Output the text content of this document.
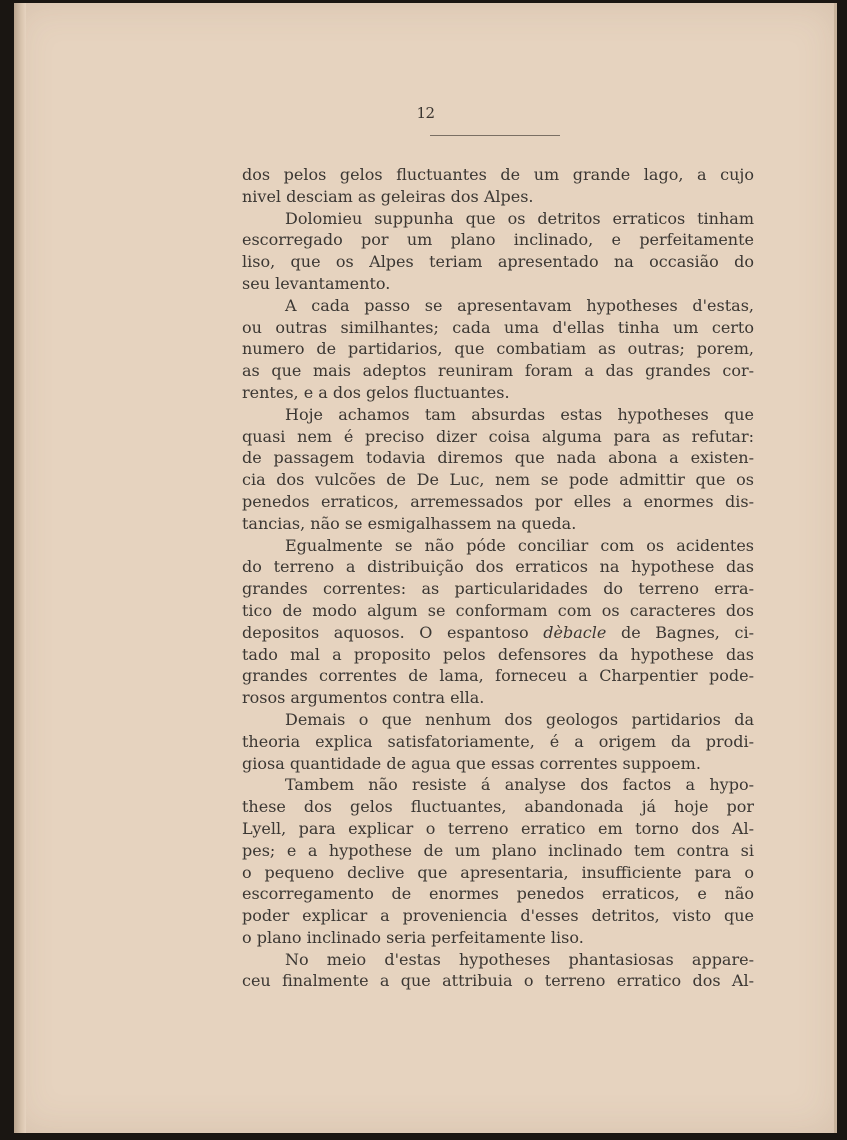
12
dos pelos gelos fluctuantes de um grande lago, a cujo
nivel desciam as geleiras dos Alpes.
Dolomieu suppunha que os detritos erraticos tinham
escorregado por um plano inclinado, e perfeitamente
liso, que os Alpes teriam apresentado na occasião do
seu levantamento.
A cada passo se apresentavam hypotheses d'estas,
ou outras similhantes; cada uma d'ellas tinha um certo
numero de partidarios, que combatiam as outras; porem,
as que mais adeptos reuniram foram a das grandes cor-
rentes, e a dos gelos fluctuantes.
Hoje achamos tam absurdas estas hypotheses que
quasi nem é preciso dizer coisa alguma para as refutar:
de passagem todavia diremos que nada abona a existen-
cia dos vulcões de De Luc, nem se pode admittir que os
penedos erraticos, arremessados por elles a enormes dis-
tancias, não se esmigalhassem na queda.
Egualmente se não póde conciliar com os acidentes
do terreno a distribuição dos erraticos na hypothese das
grandes correntes: as particularidades do terreno erra-
tico de modo algum se conformam com os caracteres dos
depositos aquosos. O espantoso dèbacle de Bagnes, ci-
tado mal a proposito pelos defensores da hypothese das
grandes correntes de lama, forneceu a Charpentier pode-
rosos argumentos contra ella.
Demais o que nenhum dos geologos partidarios da
theoria explica satisfatoriamente, é a origem da prodi-
giosa quantidade de agua que essas correntes suppoem.
Tambem não resiste á analyse dos factos a hypo-
these dos gelos fluctuantes, abandonada já hoje por
Lyell, para explicar o terreno erratico em torno dos Al-
pes; e a hypothese de um plano inclinado tem contra si
o pequeno declive que apresentaria, insufficiente para o
escorregamento de enormes penedos erraticos, e não
poder explicar a proveniencia d'esses detritos, visto que
o plano inclinado seria perfeitamente liso.
No meio d'estas hypotheses phantasiosas appare-
ceu finalmente a que attribuia o terreno erratico dos Al-
